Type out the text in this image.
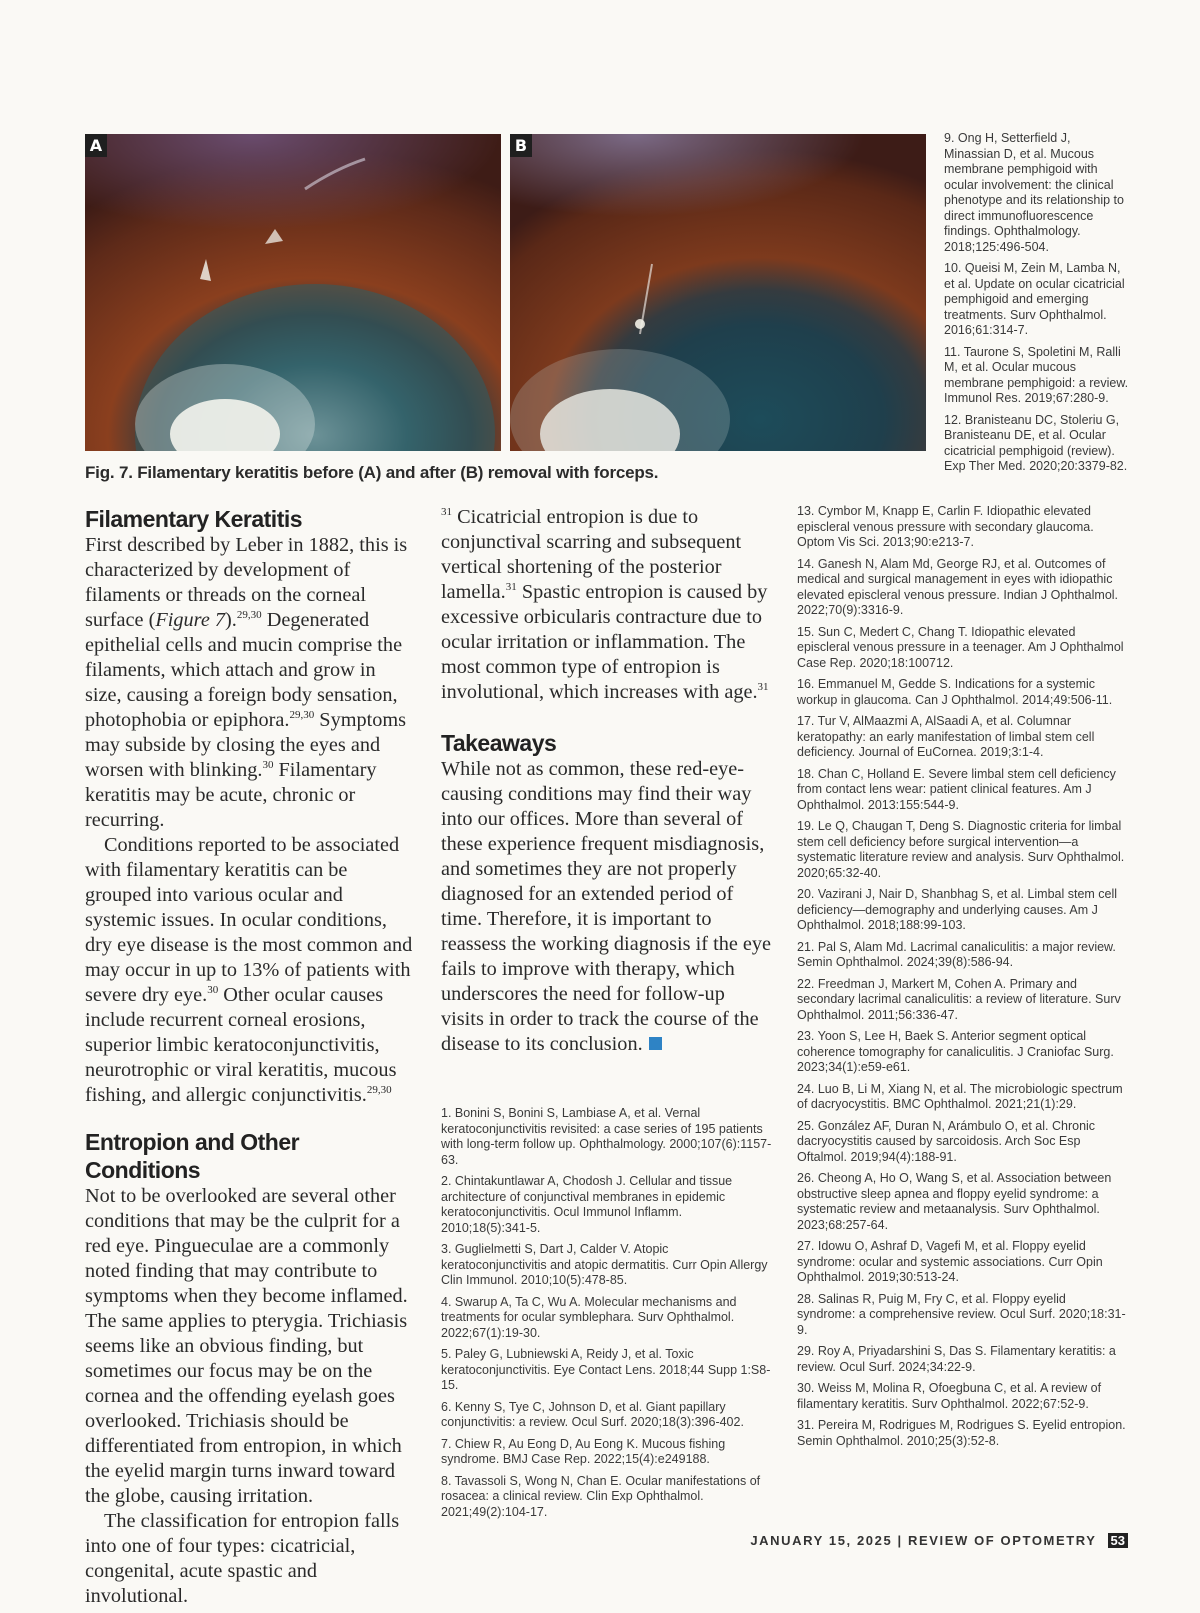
A	B
Fig. 7. Filamentary keratitis before (A) and after (B) removal with forceps.
Filamentary Keratitis

First described by Leber in 1882, this is characterized by development of filaments or threads on the corneal surface (Figure 7).$^{29,30}$ Degenerated epithelial cells and mucin comprise the filaments, which attach and grow in size, causing a foreign body sensation, photophobia or epiphora.$^{29,30}$ Symptoms may subside by closing the eyes and worsen with blinking.$^{30}$ Filamentary keratitis may be acute, chronic or recurring.

Conditions reported to be associated with filamentary keratitis can be grouped into various ocular and systemic issues. In ocular conditions, dry eye disease is the most common and may occur in up to 13% of patients with severe dry eye.$^{30}$ Other ocular causes include recurrent corneal erosions, superior limbic keratoconjunctivitis, neurotrophic or viral keratitis, mucous fishing, and allergic conjunctivitis.$^{29,30}$

Entropion and Other Conditions

Not to be overlooked are several other conditions that may be the culprit for a red eye. Pingueculae are a commonly noted finding that may contribute to symptoms when they become inflamed. The same applies to pterygia. Trichiasis seems like an obvious finding, but sometimes our focus may be on the cornea and the offending eyelash goes overlooked. Trichiasis should be differentiated from entropion, in which the eyelid margin turns inward toward the globe, causing irritation.

The classification for entropion falls into one of four types: cicatricial, congenital, acute spastic and involutional.

$^{31}$ Cicatricial entropion is due to conjunctival scarring and subsequent vertical shortening of the posterior lamella.$^{31}$ Spastic entropion is caused by excessive orbicularis contracture due to ocular irritation or inflammation. The most common type of entropion is involutional, which increases with age.$^{31}$

Takeaways

While not as common, these red-eye-causing conditions may find their way into our offices. More than several of these experience frequent misdiagnosis, and sometimes they are not properly diagnosed for an extended period of time. Therefore, it is important to reassess the working diagnosis if the eye fails to improve with therapy, which underscores the need for follow-up visits in order to track the course of the disease to its conclusion.

1. Bonini S, Bonini S, Lambiase A, et al. Vernal keratoconjunctivitis revisited: a case series of 195 patients with long-term follow up. Ophthalmology. 2000;107(6):1157-63.

2. Chintakuntlawar A, Chodosh J. Cellular and tissue architecture of conjunctival membranes in epidemic keratoconjunctivitis. Ocul Immunol Inflamm. 2010;18(5):341-5.

3. Guglielmetti S, Dart J, Calder V. Atopic keratoconjunctivitis and atopic dermatitis. Curr Opin Allergy Clin Immunol. 2010;10(5):478-85.

4. Swarup A, Ta C, Wu A. Molecular mechanisms and treatments for ocular symblephara. Surv Ophthalmol. 2022;67(1):19-30.

5. Paley G, Lubniewski A, Reidy J, et al. Toxic keratoconjunctivitis. Eye Contact Lens. 2018;44 Supp 1:S8-15.

6. Kenny S, Tye C, Johnson D, et al. Giant papillary conjunctivitis: a review. Ocul Surf. 2020;18(3):396-402.

7. Chiew R, Au Eong D, Au Eong K. Mucous fishing syndrome. BMJ Case Rep. 2022;15(4):e249188.

8. Tavassoli S, Wong N, Chan E. Ocular manifestations of rosacea: a clinical review. Clin Exp Ophthalmol. 2021;49(2):104-17.

9. Ong H, Setterfield J, Minassian D, et al. Mucous membrane pemphigoid with ocular involvement: the clinical phenotype and its relationship to direct immunofluorescence findings. Ophthalmology. 2018;125:496-504.

10. Queisi M, Zein M, Lamba N, et al. Update on ocular cicatricial pemphigoid and emerging treatments. Surv Ophthalmol. 2016;61:314-7.

11. Taurone S, Spoletini M, Ralli M, et al. Ocular mucous membrane pemphigoid: a review. Immunol Res. 2019;67:280-9.

12. Branisteanu DC, Stoleriu G, Branisteanu DE, et al. Ocular cicatricial pemphigoid (review). Exp Ther Med. 2020;20:3379-82.

13. Cymbor M, Knapp E, Carlin F. Idiopathic elevated episcleral venous pressure with secondary glaucoma. Optom Vis Sci. 2013;90:e213-7.

14. Ganesh N, Alam Md, George RJ, et al. Outcomes of medical and surgical management in eyes with idiopathic elevated episcleral venous pressure. Indian J Ophthalmol. 2022;70(9):3316-9.

15. Sun C, Medert C, Chang T. Idiopathic elevated episcleral venous pressure in a teenager. Am J Ophthalmol Case Rep. 2020;18:100712.

16. Emmanuel M, Gedde S. Indications for a systemic workup in glaucoma. Can J Ophthalmol. 2014;49:506-11.

17. Tur V, AlMaazmi A, AlSaadi A, et al. Columnar keratopathy: an early manifestation of limbal stem cell deficiency. Journal of EuCornea. 2019;3:1-4.

18. Chan C, Holland E. Severe limbal stem cell deficiency from contact lens wear: patient clinical features. Am J Ophthalmol. 2013:155:544-9.

19. Le Q, Chaugan T, Deng S. Diagnostic criteria for limbal stem cell deficiency before surgical intervention—a systematic literature review and analysis. Surv Ophthalmol. 2020;65:32-40.

20. Vazirani J, Nair D, Shanbhag S, et al. Limbal stem cell deficiency—demography and underlying causes. Am J Ophthalmol. 2018;188:99-103.

21. Pal S, Alam Md. Lacrimal canaliculitis: a major review. Semin Ophthalmol. 2024;39(8):586-94.

22. Freedman J, Markert M, Cohen A. Primary and secondary lacrimal canaliculitis: a review of literature. Surv Ophthalmol. 2011;56:336-47.

23. Yoon S, Lee H, Baek S. Anterior segment optical coherence tomography for canaliculitis. J Craniofac Surg. 2023;34(1):e59-e61.

24. Luo B, Li M, Xiang N, et al. The microbiologic spectrum of dacryocystitis. BMC Ophthalmol. 2021;21(1):29.

25. González AF, Duran N, Arámbulo O, et al. Chronic dacryocystitis caused by sarcoidosis. Arch Soc Esp Oftalmol. 2019;94(4):188-91.

26. Cheong A, Ho O, Wang S, et al. Association between obstructive sleep apnea and floppy eyelid syndrome: a systematic review and metaanalysis. Surv Ophthalmol. 2023;68:257-64.

27. Idowu O, Ashraf D, Vagefi M, et al. Floppy eyelid syndrome: ocular and systemic associations. Curr Opin Ophthalmol. 2019;30:513-24.

28. Salinas R, Puig M, Fry C, et al. Floppy eyelid syndrome: a comprehensive review. Ocul Surf. 2020;18:31-9.

29. Roy A, Priyadarshini S, Das S. Filamentary keratitis: a review. Ocul Surf. 2024;34:22-9.

30. Weiss M, Molina R, Ofoegbuna C, et al. A review of filamentary keratitis. Surv Ophthalmol. 2022;67:52-9.

31. Pereira M, Rodrigues M, Rodrigues S. Eyelid entropion. Semin Ophthalmol. 2010;25(3):52-8.

JANUARY 15, 2025 | REVIEW OF OPTOMETRY 53
